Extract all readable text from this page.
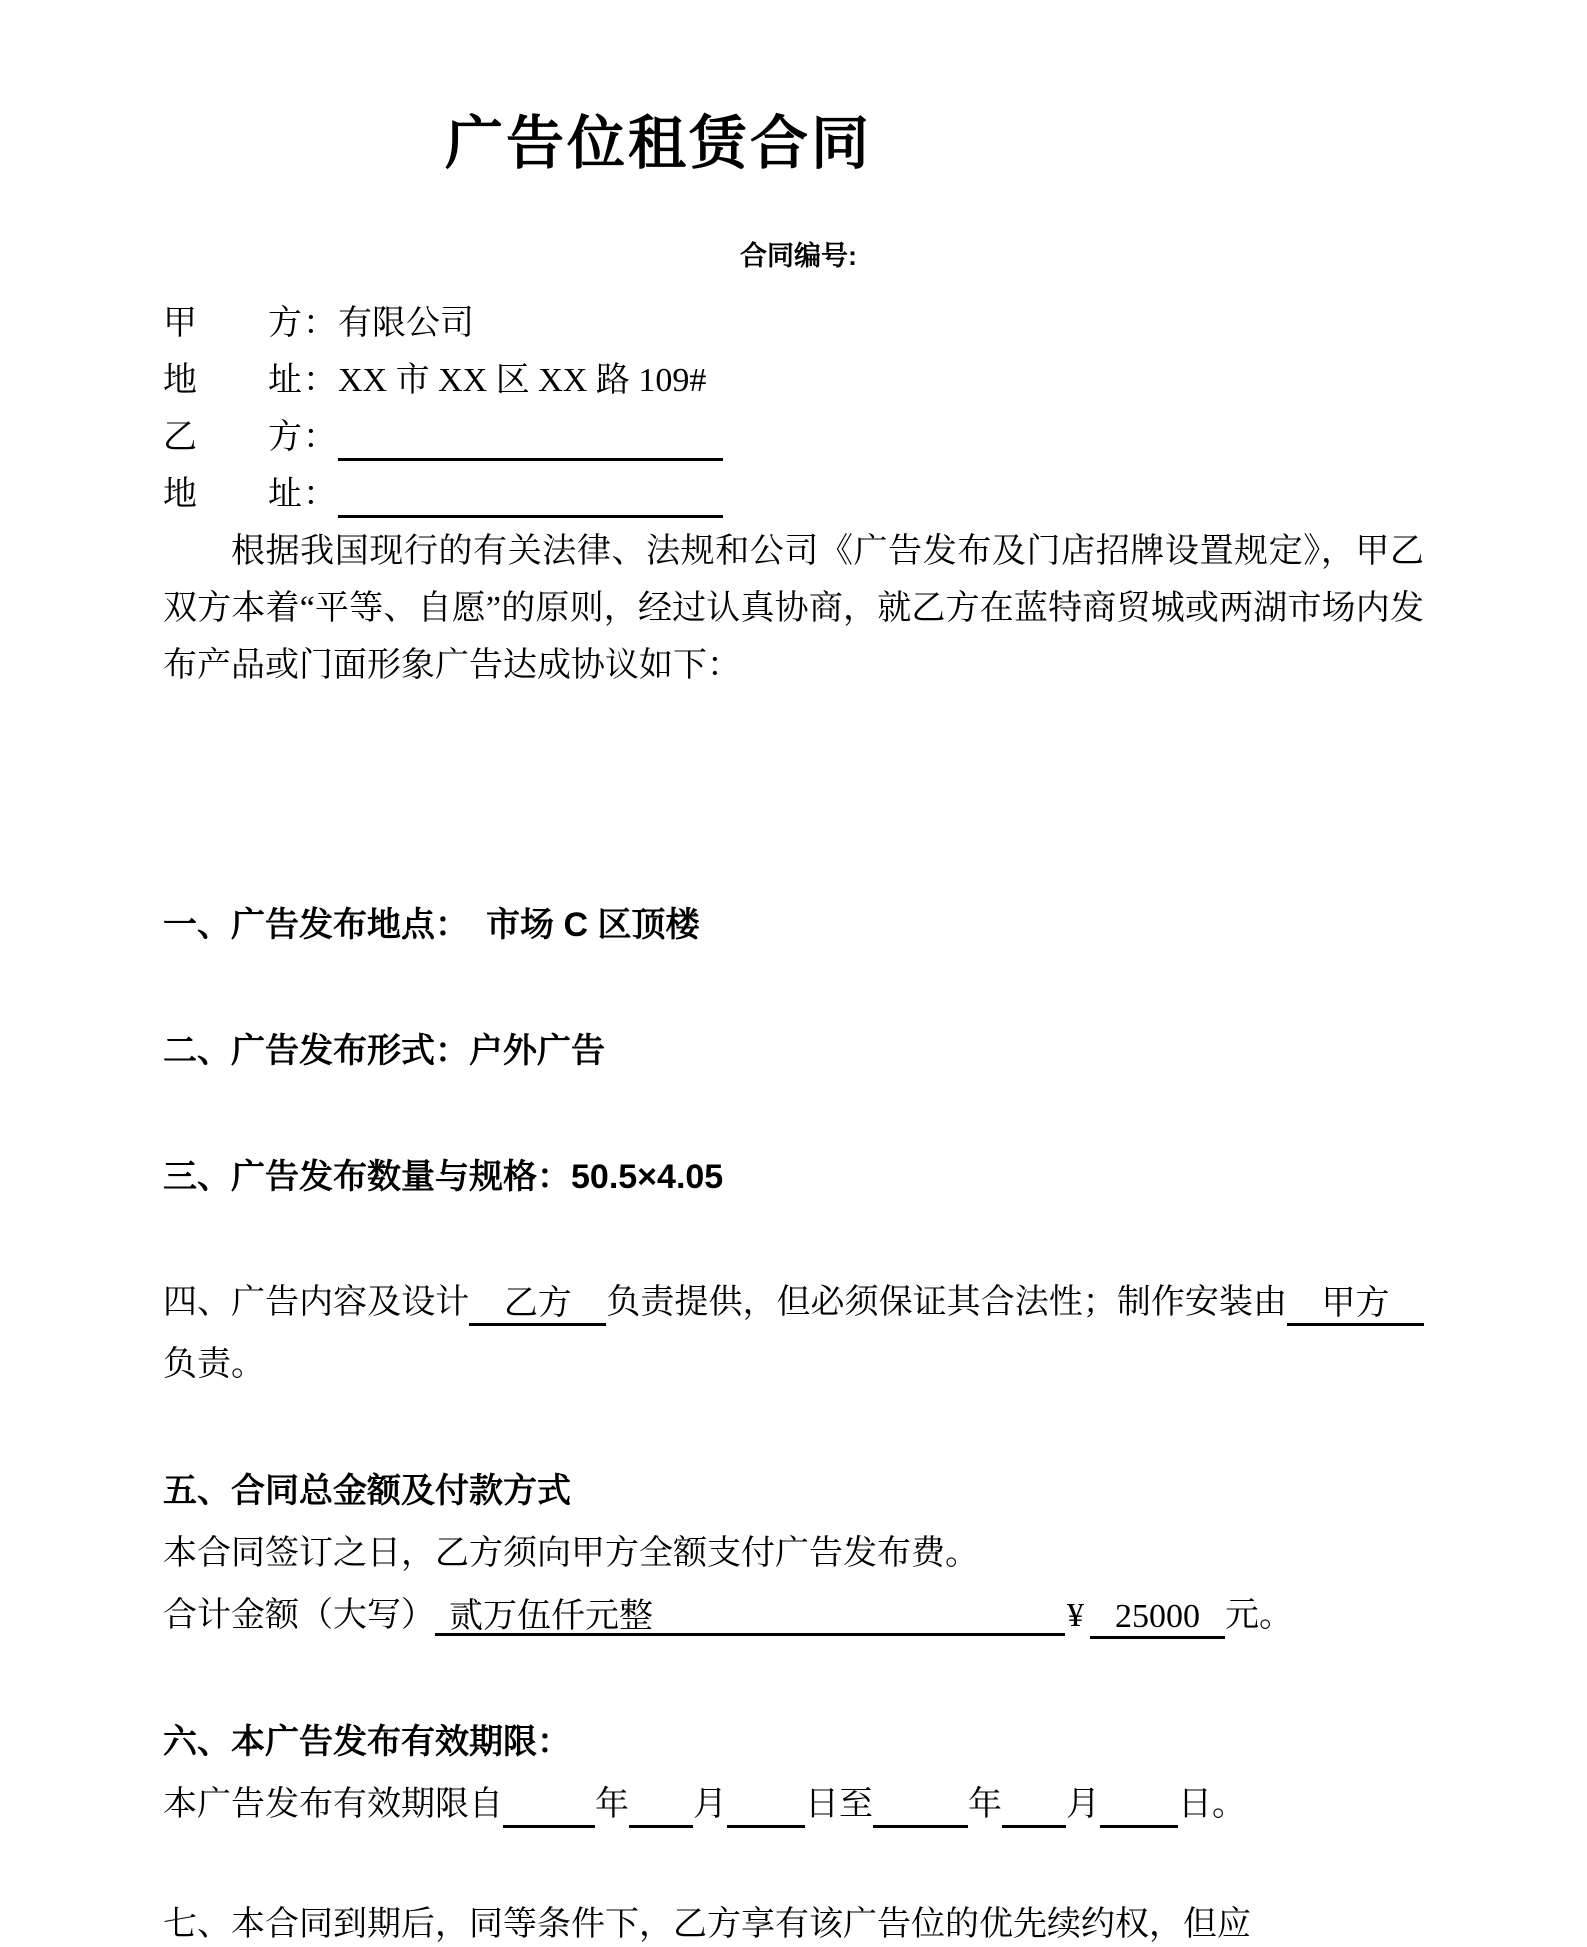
广告位租赁合同
合同编号:
甲　　方：有限公司
地　　址：XX 市 XX 区 XX 路 109#
乙　　方：
地　　址：

根据我国现行的有关法律、法规和公司《广告发布及门店招牌设置规定》，甲乙双方本着“平等、自愿”的原则，经过认真协商，就乙方在蓝特商贸城或两湖市场内发布产品或门面形象广告达成协议如下：

一、广告发布地点：　市场 C 区顶楼

二、广告发布形式：户外广告

三、广告发布数量与规格：50.5×4.05

四、广告内容及设计 乙方 负责提供，但必须保证其合法性；制作安装由 甲方负责。

五、合同总金额及付款方式

本合同签订之日，乙方须向甲方全额支付广告发布费。

合计金额（大写） 贰万伍仟元整	¥ 25000 元。

六、本广告发布有效期限：

本广告发布有效期限自	年 月 日至	年 月 日。

七、本合同到期后，同等条件下，乙方享有该广告位的优先续约权，但应
